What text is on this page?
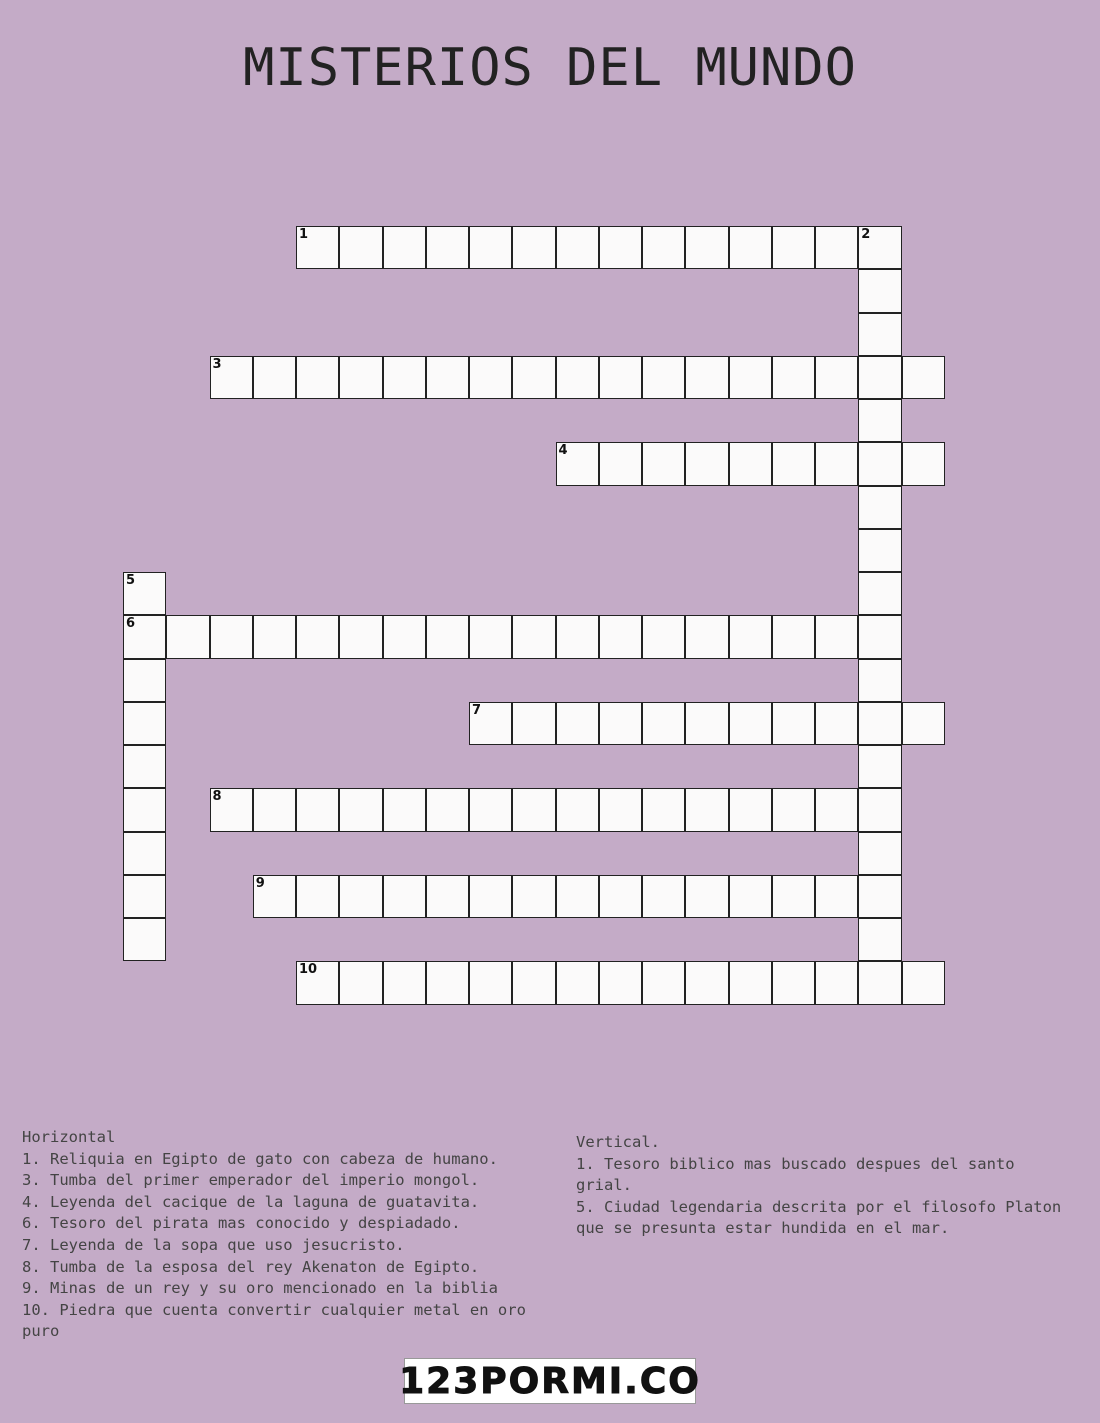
MISTERIOS DEL MUNDO
1	2
3
4
5
6
7
8
9
10
Horizontal
1. Reliquia en Egipto de gato con cabeza de humano.
3. Tumba del primer emperador del imperio mongol.
4. Leyenda del cacique de la laguna de guatavita.
6. Tesoro del pirata mas conocido y despiadado.
7. Leyenda de la sopa que uso jesucristo.
8. Tumba de la esposa del rey Akenaton de Egipto.
9. Minas de un rey y su oro mencionado en la biblia
10. Piedra que cuenta convertir cualquier metal en oro puro
Vertical.
1. Tesoro biblico mas buscado despues del santo grial.
5. Ciudad legendaria descrita por el filosofo Platon que se presunta estar hundida en el mar.
123PORMI.CO
